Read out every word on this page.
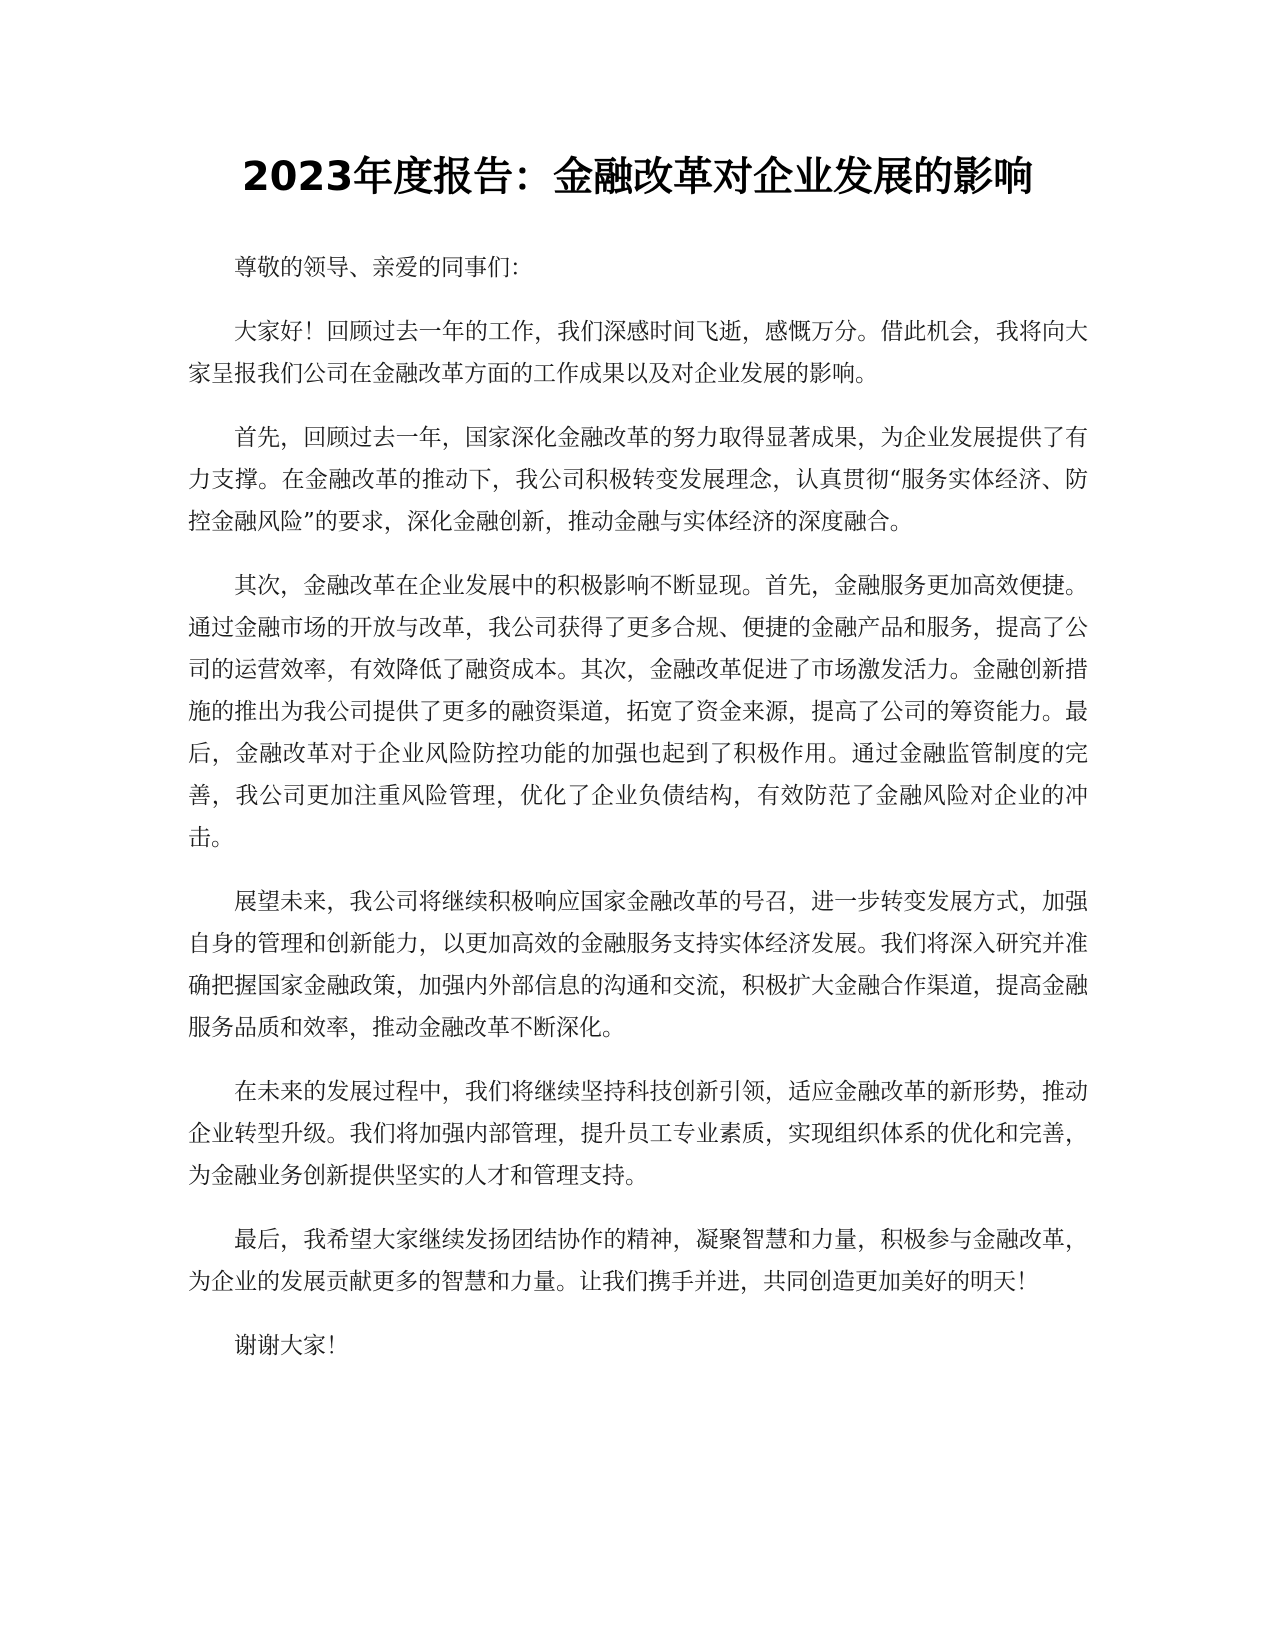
2023年度报告：金融改革对企业发展的影响

尊敬的领导、亲爱的同事们：

大家好！回顾过去一年的工作，我们深感时间飞逝，感慨万分。借此机会，我将向大家呈报我们公司在金融改革方面的工作成果以及对企业发展的影响。

首先，回顾过去一年，国家深化金融改革的努力取得显著成果，为企业发展提供了有力支撑。在金融改革的推动下，我公司积极转变发展理念，认真贯彻“服务实体经济、防控金融风险”的要求，深化金融创新，推动金融与实体经济的深度融合。

其次，金融改革在企业发展中的积极影响不断显现。首先，金融服务更加高效便捷。通过金融市场的开放与改革，我公司获得了更多合规、便捷的金融产品和服务，提高了公司的运营效率，有效降低了融资成本。其次，金融改革促进了市场激发活力。金融创新措施的推出为我公司提供了更多的融资渠道，拓宽了资金来源，提高了公司的筹资能力。最后，金融改革对于企业风险防控功能的加强也起到了积极作用。通过金融监管制度的完善，我公司更加注重风险管理，优化了企业负债结构，有效防范了金融风险对企业的冲击。

展望未来，我公司将继续积极响应国家金融改革的号召，进一步转变发展方式，加强自身的管理和创新能力，以更加高效的金融服务支持实体经济发展。我们将深入研究并准确把握国家金融政策，加强内外部信息的沟通和交流，积极扩大金融合作渠道，提高金融服务品质和效率，推动金融改革不断深化。

在未来的发展过程中，我们将继续坚持科技创新引领，适应金融改革的新形势，推动企业转型升级。我们将加强内部管理，提升员工专业素质，实现组织体系的优化和完善，为金融业务创新提供坚实的人才和管理支持。

最后，我希望大家继续发扬团结协作的精神，凝聚智慧和力量，积极参与金融改革，为企业的发展贡献更多的智慧和力量。让我们携手并进，共同创造更加美好的明天！

谢谢大家！
